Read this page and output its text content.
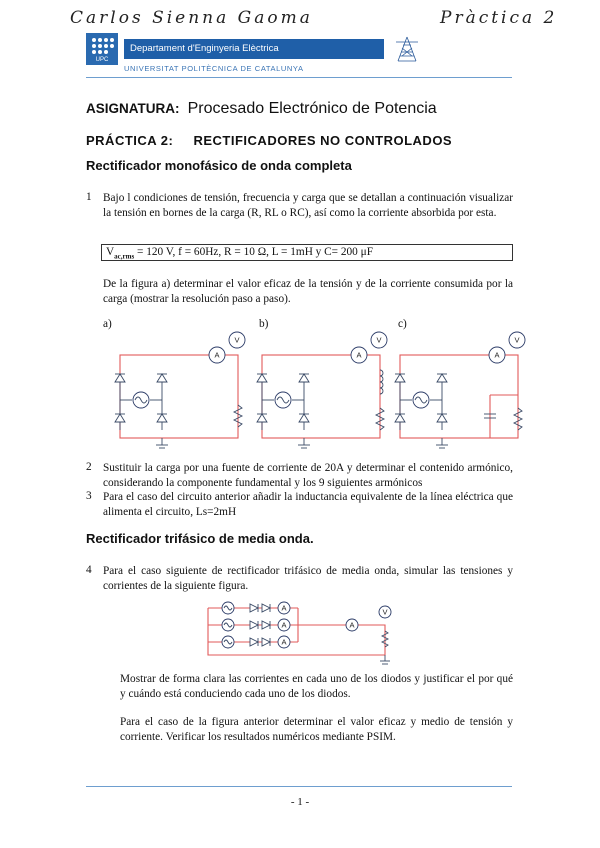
Carlos Sienna Gaoma	Pràctica 2
UPC
Departament d'Enginyeria Elèctrica
UNIVERSITAT POLITÈCNICA DE CATALUNYA
ASIGNATURA: Procesado Electrónico de Potencia
PRÁCTICA 2: RECTIFICADORES NO CONTROLADOS
Rectificador monofásico de onda completa
1 Bajo l condiciones de tensión, frecuencia y carga que se detallan a continuación visualizar la tensión en bornes de la carga (R, RL o RC), así como la corriente absorbida por esta.
$V_{ac,rms} = 120$ V, f = 60Hz, R = 10 Ω, L = 1mH y C= 200 μF
De la figura a) determinar el valor eficaz de la tensión y de la corriente consumida por la carga (mostrar la resolución paso a paso).
a)	b)	c)
A
V
A
V
A
V
2 Sustituir la carga por una fuente de corriente de 20A y determinar el contenido armónico, considerando la componente fundamental y los 9 siguientes armónicos
3 Para el caso del circuito anterior añadir la inductancia equivalente de la línea eléctrica que alimenta el circuito, Ls=2mH
Rectificador trifásico de media onda.
4 Para el caso siguiente de rectificador trifásico de media onda, simular las tensiones y corrientes de la siguiente figura.
A
A
A
A
V
Mostrar de forma clara las corrientes en cada uno de los diodos y justificar el por qué y cuándo está conduciendo cada uno de los diodos.
Para el caso de la figura anterior determinar el valor eficaz y medio de tensión y corriente. Verificar los resultados numéricos mediante PSIM.
- 1 -
